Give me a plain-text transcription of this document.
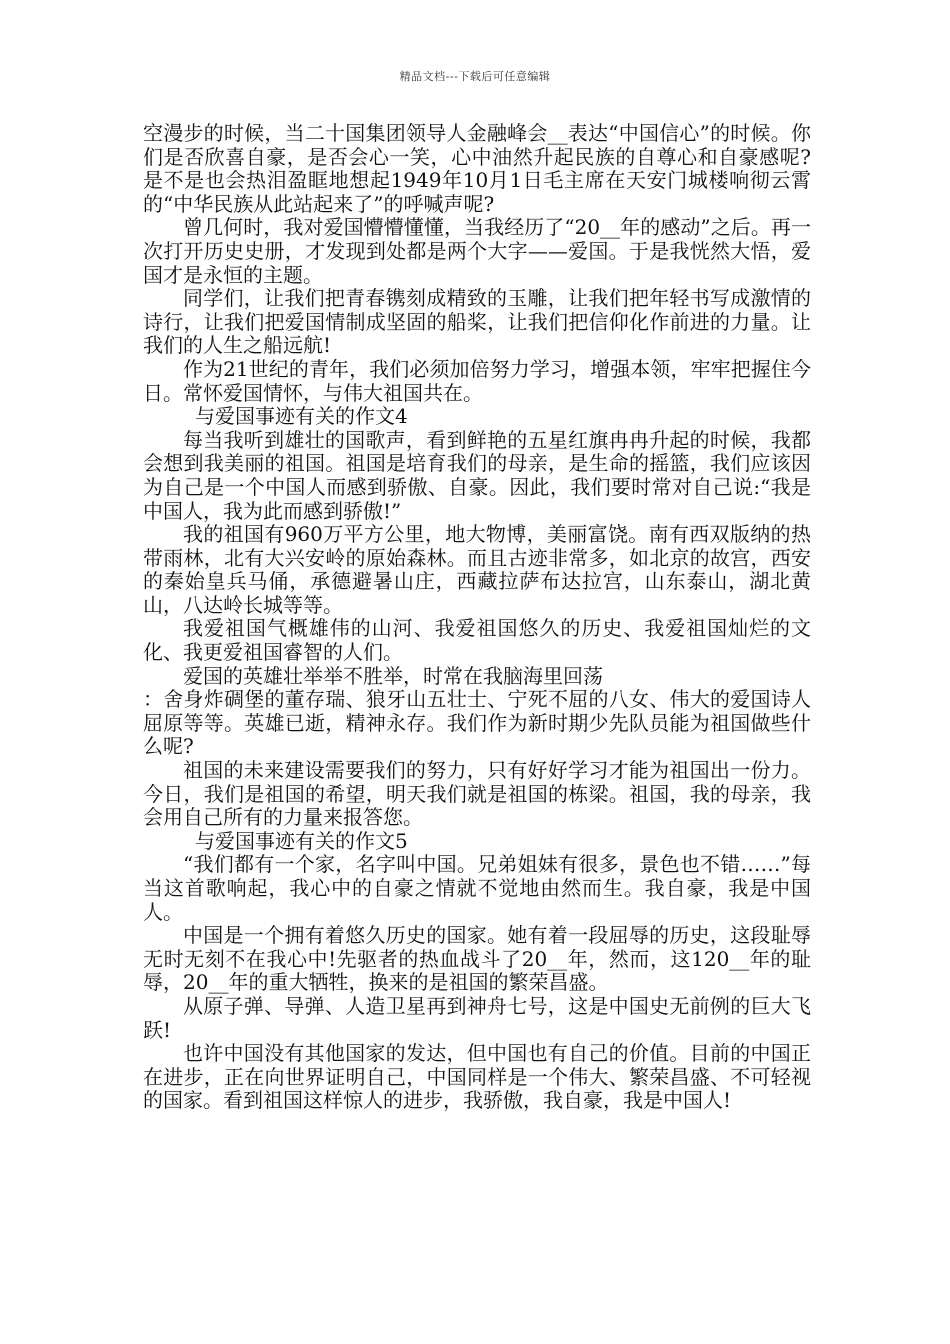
精品文档---下载后可任意编辑

空漫步的时候，当二十国集团领导人金融峰会__表达“中国信心”的时候。你们是否欣喜自豪，是否会心一笑，心中油然升起民族的自尊心和自豪感呢?是不是也会热泪盈眶地想起1949年10月1日毛主席在天安门城楼响彻云霄的“中华民族从此站起来了”的呼喊声呢?

曾几何时，我对爱国懵懵懂懂，当我经历了“20__年的感动”之后。再一次打开历史史册，才发现到处都是两个大字——爱国。于是我恍然大悟，爱国才是永恒的主题。

同学们，让我们把青春镌刻成精致的玉雕，让我们把年轻书写成激情的诗行，让我们把爱国情制成坚固的船桨，让我们把信仰化作前进的力量。让我们的人生之船远航!

作为21世纪的青年，我们必须加倍努力学习，增强本领，牢牢把握住今日。常怀爱国情怀，与伟大祖国共在。

与爱国事迹有关的作文4

每当我听到雄壮的国歌声，看到鲜艳的五星红旗冉冉升起的时候，我都会想到我美丽的祖国。祖国是培育我们的母亲，是生命的摇篮，我们应该因为自己是一个中国人而感到骄傲、自豪。因此，我们要时常对自己说:“我是中国人，我为此而感到骄傲!”

我的祖国有960万平方公里，地大物博，美丽富饶。南有西双版纳的热带雨林，北有大兴安岭的原始森林。而且古迹非常多，如北京的故宫，西安的秦始皇兵马俑，承德避暑山庄，西藏拉萨布达拉宫，山东泰山，湖北黄山，八达岭长城等等。

我爱祖国气概雄伟的山河、我爱祖国悠久的历史、我爱祖国灿烂的文化、我更爱祖国睿智的人们。

爱国的英雄壮举举不胜举，时常在我脑海里回荡

：舍身炸碉堡的董存瑞、狼牙山五壮士、宁死不屈的八女、伟大的爱国诗人屈原等等。英雄已逝，精神永存。我们作为新时期少先队员能为祖国做些什么呢?

祖国的未来建设需要我们的努力，只有好好学习才能为祖国出一份力。今日，我们是祖国的希望，明天我们就是祖国的栋梁。祖国，我的母亲，我会用自己所有的力量来报答您。

与爱国事迹有关的作文5

“我们都有一个家，名字叫中国。兄弟姐妹有很多，景色也不错……”每当这首歌响起，我心中的自豪之情就不觉地由然而生。我自豪，我是中国人。

中国是一个拥有着悠久历史的国家。她有着一段屈辱的历史，这段耻辱无时无刻不在我心中!先驱者的热血战斗了20__年，然而，这120__年的耻辱，20__年的重大牺牲，换来的是祖国的繁荣昌盛。

从原子弹、导弹、人造卫星再到神舟七号，这是中国史无前例的巨大飞跃!

也许中国没有其他国家的发达，但中国也有自己的价值。目前的中国正在进步，正在向世界证明自己，中国同样是一个伟大、繁荣昌盛、不可轻视的国家。看到祖国这样惊人的进步，我骄傲，我自豪，我是中国人!
